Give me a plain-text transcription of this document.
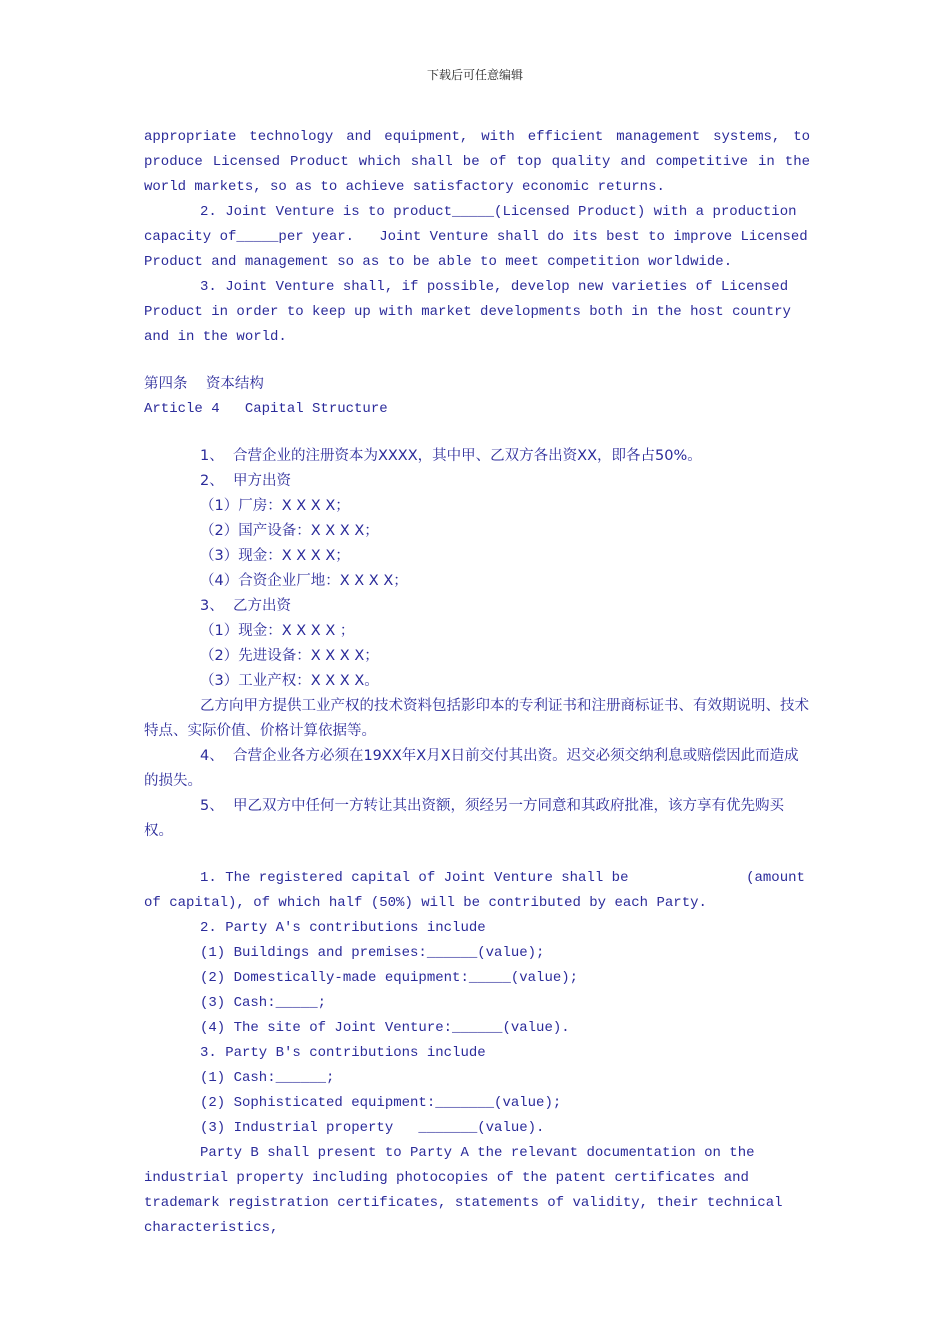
下载后可任意编辑

appropriate technology and equipment, with efficient management systems, to produce Licensed Product which shall be of top quality and competitive in the world markets, so as to achieve satisfactory economic returns.

2. Joint Venture is to product_____(Licensed Product) with a production capacity of_____per year.   Joint Venture shall do its best to improve Licensed Product and management so as to be able to meet competition worldwide.

3. Joint Venture shall, if possible, develop new varieties of Licensed Product in order to keep up with market developments both in the host country and in the world.

第四条    资本结构

Article 4   Capital Structure

1、  合营企业的注册资本为XXXX，其中甲、乙双方各出资XX，即各占50%。

2、  甲方出资

（1）厂房：X X X X；

（2）国产设备：X X X X；

（3）现金：X X X X；

（4）合资企业厂地：X X X X；

3、  乙方出资

（1）现金：X X X X ；

（2）先进设备：X X X X；

（3）工业产权：X X X X。

乙方向甲方提供工业产权的技术资料包括影印本的专利证书和注册商标证书、有效期说明、技术特点、实际价值、价格计算依据等。

4、  合营企业各方必须在19XX年X月X日前交付其出资。迟交必须交纳利息或赔偿因此而造成的损失。

5、  甲乙双方中任何一方转让其出资额，须经另一方同意和其政府批准，该方享有优先购买权。

1. The registered capital of Joint Venture shall be              (amount of capital), of which half (50%) will be contributed by each Party.

2. Party A's contributions include

(1) Buildings and premises:______(value);

(2) Domestically-made equipment:_____(value);

(3) Cash:_____;

(4) The site of Joint Venture:______(value).

3. Party B's contributions include

(1) Cash:______;

(2) Sophisticated equipment:_______(value);

(3) Industrial property   _______(value).

Party B shall present to Party A the relevant documentation on the industrial property including photocopies of the patent certificates and trademark registration certificates, statements of validity, their technical characteristics,
